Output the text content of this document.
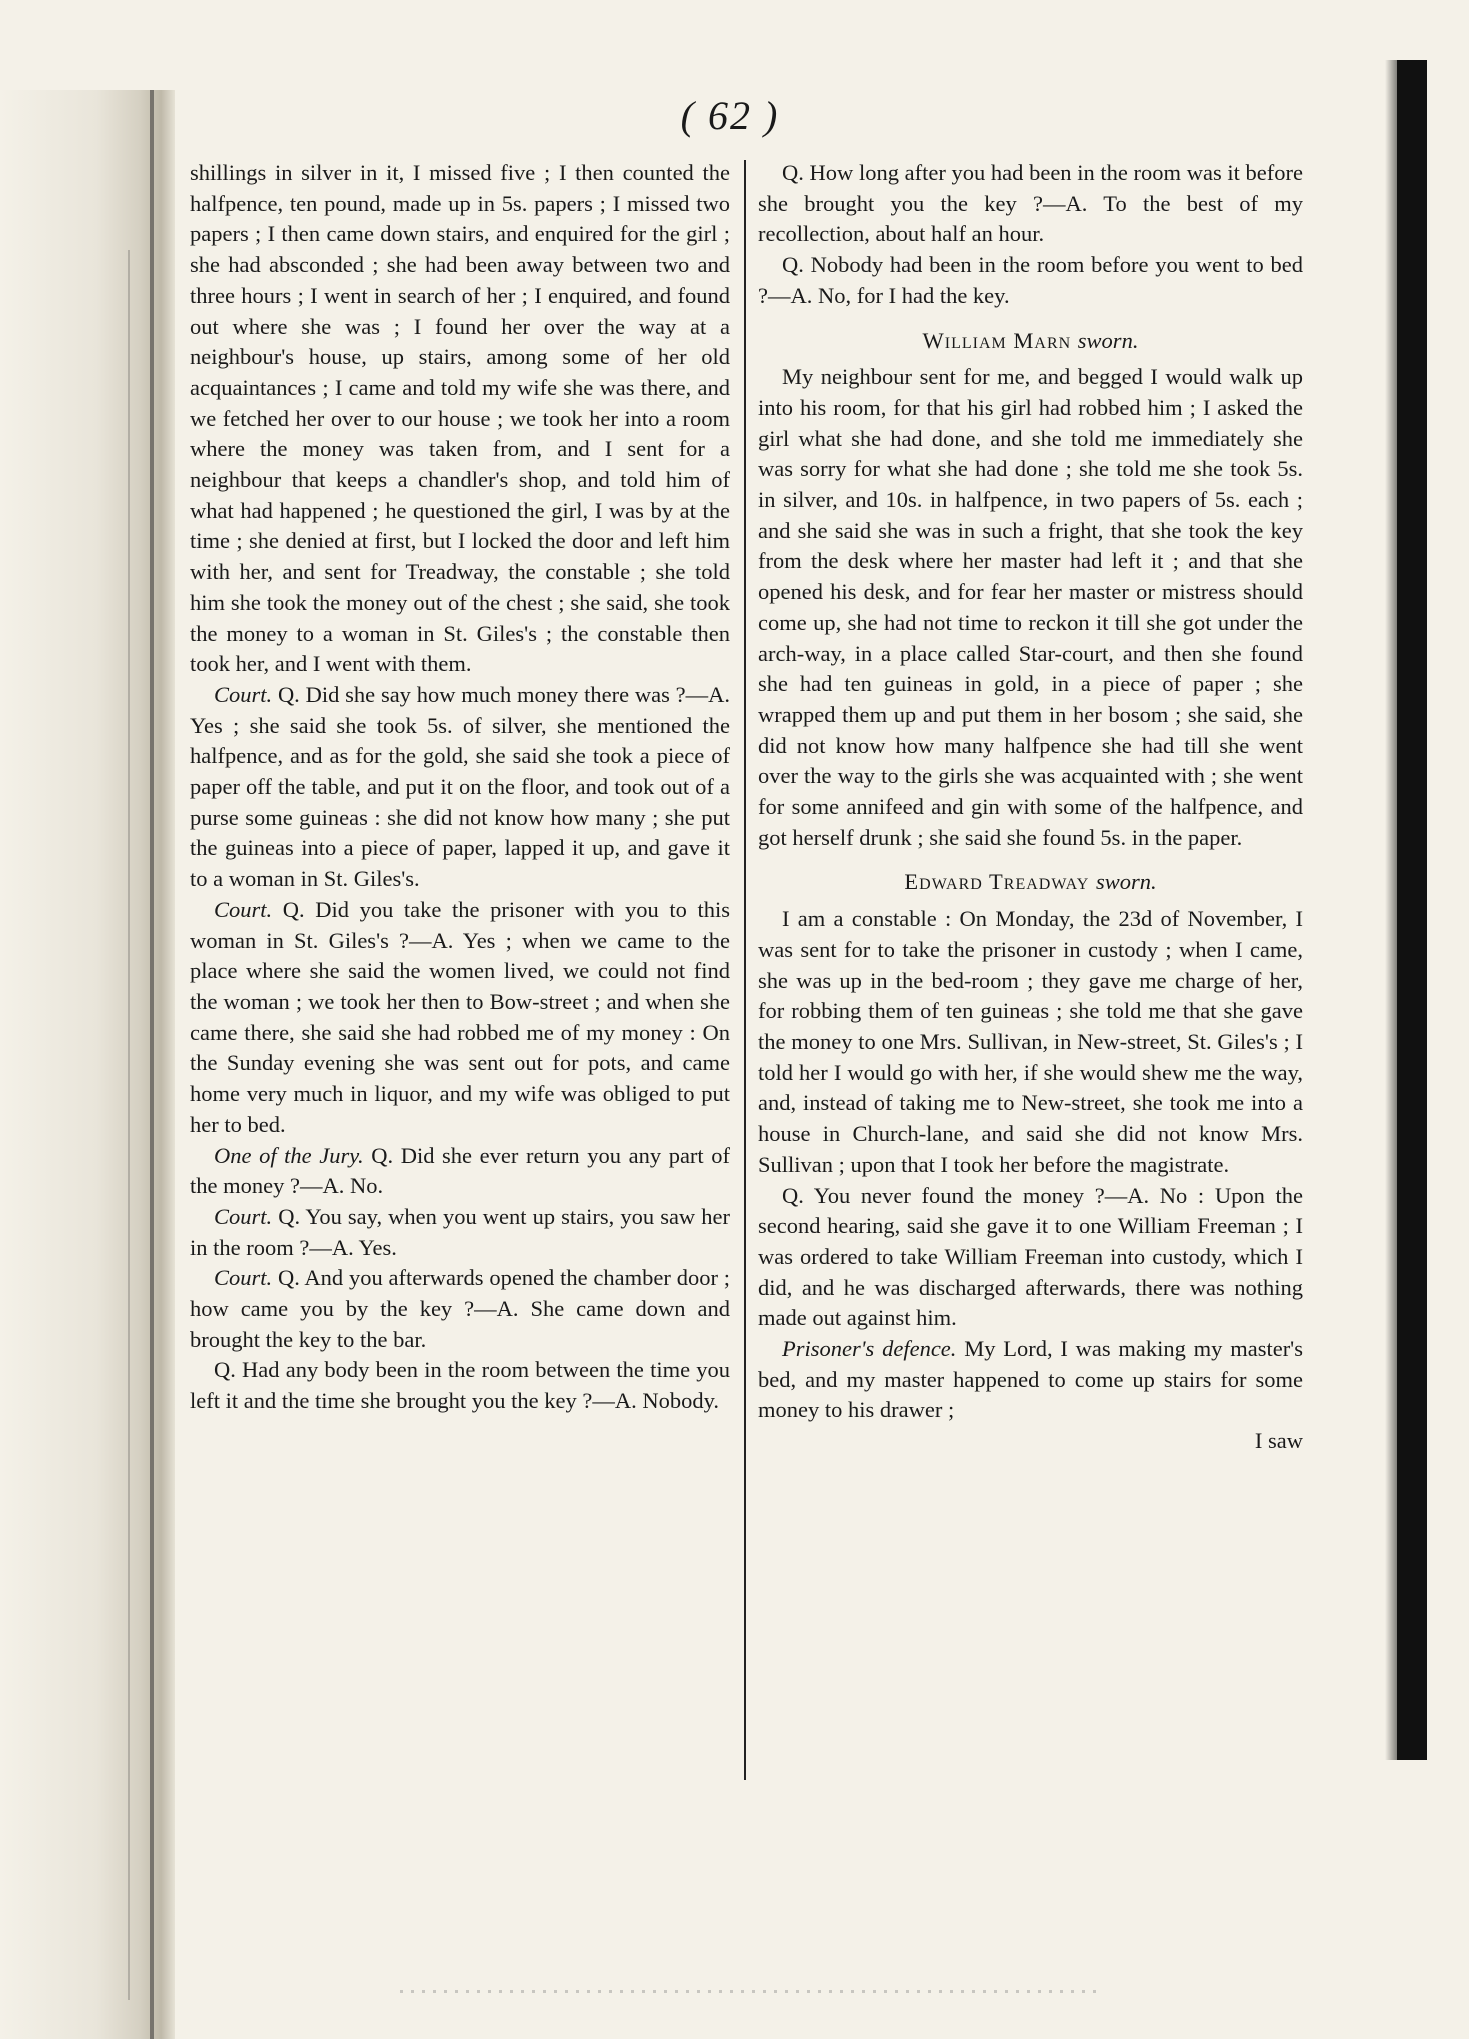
( 62 )

shillings in silver in it, I missed five ; I then counted the halfpence, ten pound, made up in 5s. papers ; I missed two papers ; I then came down stairs, and enquired for the girl ; she had absconded ; she had been away between two and three hours ; I went in search of her ; I enquired, and found out where she was ; I found her over the way at a neighbour's house, up stairs, among some of her old acquaintances ; I came and told my wife she was there, and we fetched her over to our house ; we took her into a room where the money was taken from, and I sent for a neighbour that keeps a chandler's shop, and told him of what had happened ; he questioned the girl, I was by at the time ; she denied at first, but I locked the door and left him with her, and sent for Treadway, the constable ; she told him she took the money out of the chest ; she said, she took the money to a woman in St. Giles's ; the constable then took her, and I went with them.

Court. Q. Did she say how much money there was ?—A. Yes ; she said she took 5s. of silver, she mentioned the halfpence, and as for the gold, she said she took a piece of paper off the table, and put it on the floor, and took out of a purse some guineas : she did not know how many ; she put the guineas into a piece of paper, lapped it up, and gave it to a woman in St. Giles's.

Court. Q. Did you take the prisoner with you to this woman in St. Giles's ?—A. Yes ; when we came to the place where she said the women lived, we could not find the woman ; we took her then to Bow-street ; and when she came there, she said she had robbed me of my money : On the Sunday evening she was sent out for pots, and came home very much in liquor, and my wife was obliged to put her to bed.

One of the Jury. Q. Did she ever return you any part of the money ?—A. No.

Court. Q. You say, when you went up stairs, you saw her in the room ?—A. Yes.

Court. Q. And you afterwards opened the chamber door ; how came you by the key ?—A. She came down and brought the key to the bar.

Q. Had any body been in the room between the time you left it and the time she brought you the key ?—A. Nobody.

Q. How long after you had been in the room was it before she brought you the key ?—A. To the best of my recollection, about half an hour.

Q. Nobody had been in the room before you went to bed ?—A. No, for I had the key.

William Marn sworn.

My neighbour sent for me, and begged I would walk up into his room, for that his girl had robbed him ; I asked the girl what she had done, and she told me immediately she was sorry for what she had done ; she told me she took 5s. in silver, and 10s. in halfpence, in two papers of 5s. each ; and she said she was in such a fright, that she took the key from the desk where her master had left it ; and that she opened his desk, and for fear her master or mistress should come up, she had not time to reckon it till she got under the arch-way, in a place called Star-court, and then she found she had ten guineas in gold, in a piece of paper ; she wrapped them up and put them in her bosom ; she said, she did not know how many halfpence she had till she went over the way to the girls she was acquainted with ; she went for some annifeed and gin with some of the halfpence, and got herself drunk ; she said she found 5s. in the paper.

Edward Treadway sworn.

I am a constable : On Monday, the 23d of November, I was sent for to take the prisoner in custody ; when I came, she was up in the bed-room ; they gave me charge of her, for robbing them of ten guineas ; she told me that she gave the money to one Mrs. Sullivan, in New-street, St. Giles's ; I told her I would go with her, if she would shew me the way, and, instead of taking me to New-street, she took me into a house in Church-lane, and said she did not know Mrs. Sullivan ; upon that I took her before the magistrate.

Q. You never found the money ?—A. No : Upon the second hearing, said she gave it to one William Freeman ; I was ordered to take William Freeman into custody, which I did, and he was discharged afterwards, there was nothing made out against him.

Prisoner's defence. My Lord, I was making my master's bed, and my master happened to come up stairs for some money to his drawer ;

I saw
